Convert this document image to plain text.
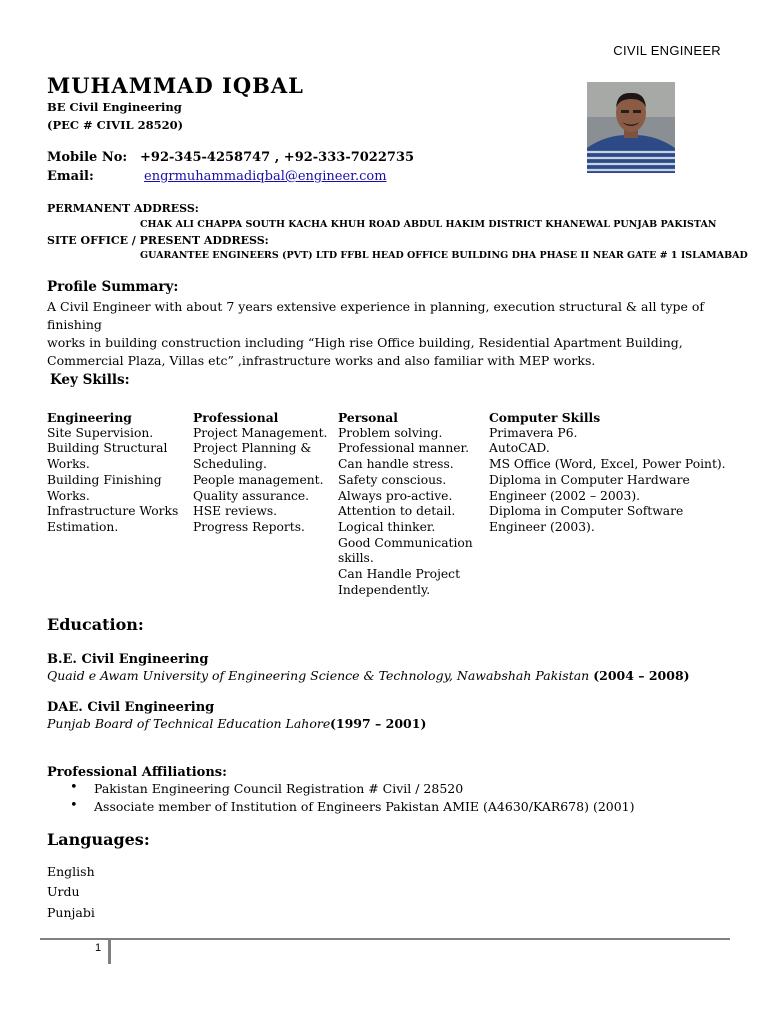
CIVIL ENGINEER
MUHAMMAD IQBAL
BE Civil Engineering
(PEC # CIVIL 28520)
Mobile No: +92-345-4258747 , +92-333-7022735
Email:	engrmuhammadiqbal@engineer.com
PERMANENT ADDRESS:
CHAK ALI CHAPPA SOUTH KACHA KHUH ROAD ABDUL HAKIM DISTRICT KHANEWAL PUNJAB PAKISTAN
SITE OFFICE / PRESENT ADDRESS:
GUARANTEE ENGINEERS (PVT) LTD FFBL HEAD OFFICE BUILDING DHA PHASE II NEAR GATE # 1 ISLAMABAD
Profile Summary:
A Civil Engineer with about 7 years extensive experience in planning, execution structural & all type of finishing
works in building construction including “High rise Office building, Residential Apartment Building,
Commercial Plaza, Villas etc” ,infrastructure works and also familiar with MEP works.
Key Skills:
Engineering
Site Supervision.
Building Structural
Works.
Building Finishing
Works.
Infrastructure Works
Estimation.
Professional
Project Management.
Project Planning &
Scheduling.
People management.
Quality assurance.
HSE reviews.
Progress Reports.
Personal
Problem solving.
Professional manner.
Can handle stress.
Safety conscious.
Always pro-active.
Attention to detail.
Logical thinker.
Good Communication
skills.
Can Handle Project
Independently.
Computer Skills
Primavera P6.
AutoCAD.
MS Office (Word, Excel, Power Point).
Diploma in Computer Hardware
Engineer (2002 – 2003).
Diploma in Computer Software
Engineer (2003).
Education:
B.E. Civil Engineering
Quaid e Awam University of Engineering Science & Technology, Nawabshah Pakistan (2004 – 2008)
DAE. Civil Engineering
Punjab Board of Technical Education Lahore (1997 – 2001)
Professional Affiliations:
• Pakistan Engineering Council Registration # Civil / 28520
• Associate member of Institution of Engineers Pakistan AMIE (A4630/KAR678) (2001)
Languages:
English
Urdu
Punjabi
1
